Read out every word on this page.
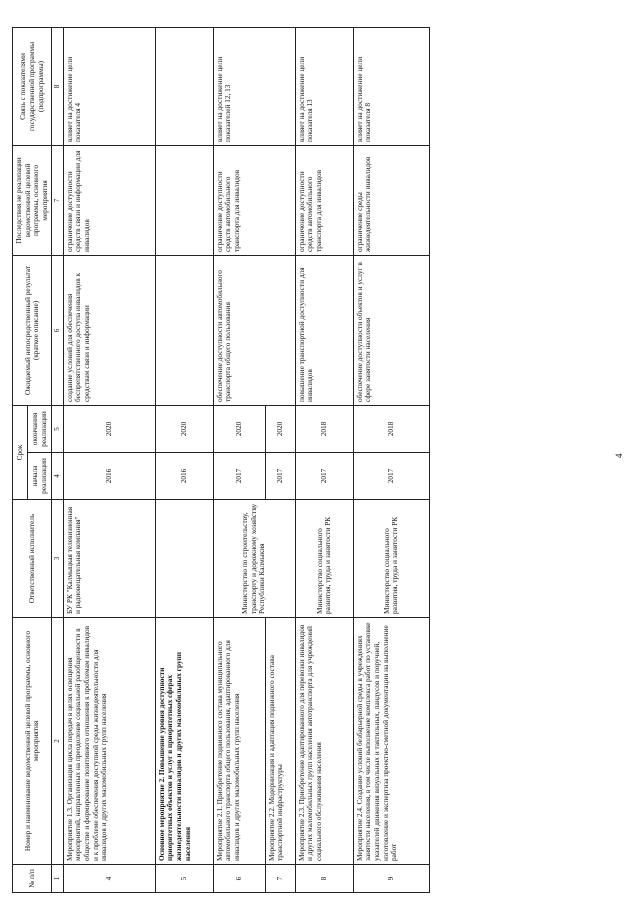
№ п/п	Номер и наименование ведомственной целевой программы, основного мероприятия	Ответственный исполнитель	Срок		Ожидаемый непосредственный результат (краткое описание)	Последствия не реализации ведомственной целевой программы, основного мероприятия	Связь с показателями государственной программы (подпрограммы)
			начала реализации	окончания реализации			
1	2	3	4	5	6	7	8
4	Мероприятие 1.3. Организация цикла передач в целях освещения мероприятий, направленных на преодоление социальной разобщенности в обществе и формирование позитивного отношения к проблемам инвалидов и к проблеме обеспечения доступной среды жизнедеятельности для инвалидов и других маломобильных групп населения	БУ РК "Калмыцкая телевизионная и радиовещательная компания"	2016	2020	создание условий для обеспечения беспрепятственного доступа инвалидов к средствам связи и информации	ограничение доступности средств связи и информации для инвалидов	влияет на достижение цели показателя 4
5	Основное мероприятие 2. Повышение уровня доступности приоритетных объектов и услуг в приоритетных сферах жизнедеятельности инвалидов и других маломобильных групп населения		2016	2020			
6	Мероприятие 2.1. Приобретение подвижного состава муниципального автомобильного транспорта общего пользования, адаптированного для инвалидов и других маломобильных групп населения	Министерство по строительству, транспорту и дорожному хозяйству Республики Калмыкия	2017	2020	обеспечение доступности автомобильного транспорта общего пользования	ограничение доступности средств автомобильного транспорта для инвалидов	влияет на достижение цели показателей 12, 13
7	Мероприятие 2.2. Модернизация и адаптация подвижного состава транспортной инфраструктуры		2017	2020			
8	Мероприятие 2.3. Приобретение адаптированного для перевозки инвалидов и других маломобильных групп населения автотранспорта для учреждений социального обслуживания населения	Министерство социального развития, труда и занятости РК	2017	2018	повышение транспортной доступности для инвалидов	ограничение доступности средств автомобильного транспорта для инвалидов	влияет на достижение цели показателя 13
9	Мероприятие 2.4. Создание условий безбарьерной среды в учреждениях занятости населения, в том числе выполнение комплекса работ по установке указателей движения визуальных и тактильных, пандусов и поручней, изготовление и экспертиза проектно-сметной документации на выполнение работ	Министерство социального развития, труда и занятости РК	2017	2018	обеспечение доступности объектов и услуг в сфере занятости населения	ограничение среды жизнедеятельности инвалидов	влияет на достижение цели показателя 8
4
